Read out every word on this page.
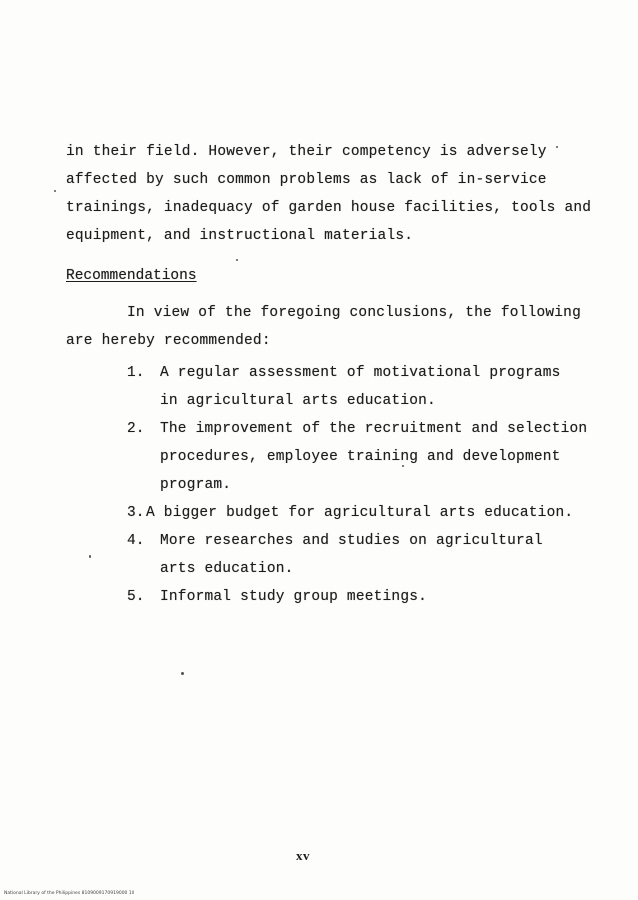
in their field. However, their competency is adversely
affected by such common problems as lack of in-service
trainings, inadequacy of garden house facilities, tools and
equipment, and instructional materials.
Recommendations
In view of the foregoing conclusions, the following
are hereby recommended:
1. A regular assessment of motivational programs
in agricultural arts education.
2. The improvement of the recruitment and selection
procedures, employee training and development
program.
3. A bigger budget for agricultural arts education.
4. More researches and studies on agricultural
arts education.
5. Informal study group meetings.
xv
National Library of the Philippines 8109009170919000 1ll
